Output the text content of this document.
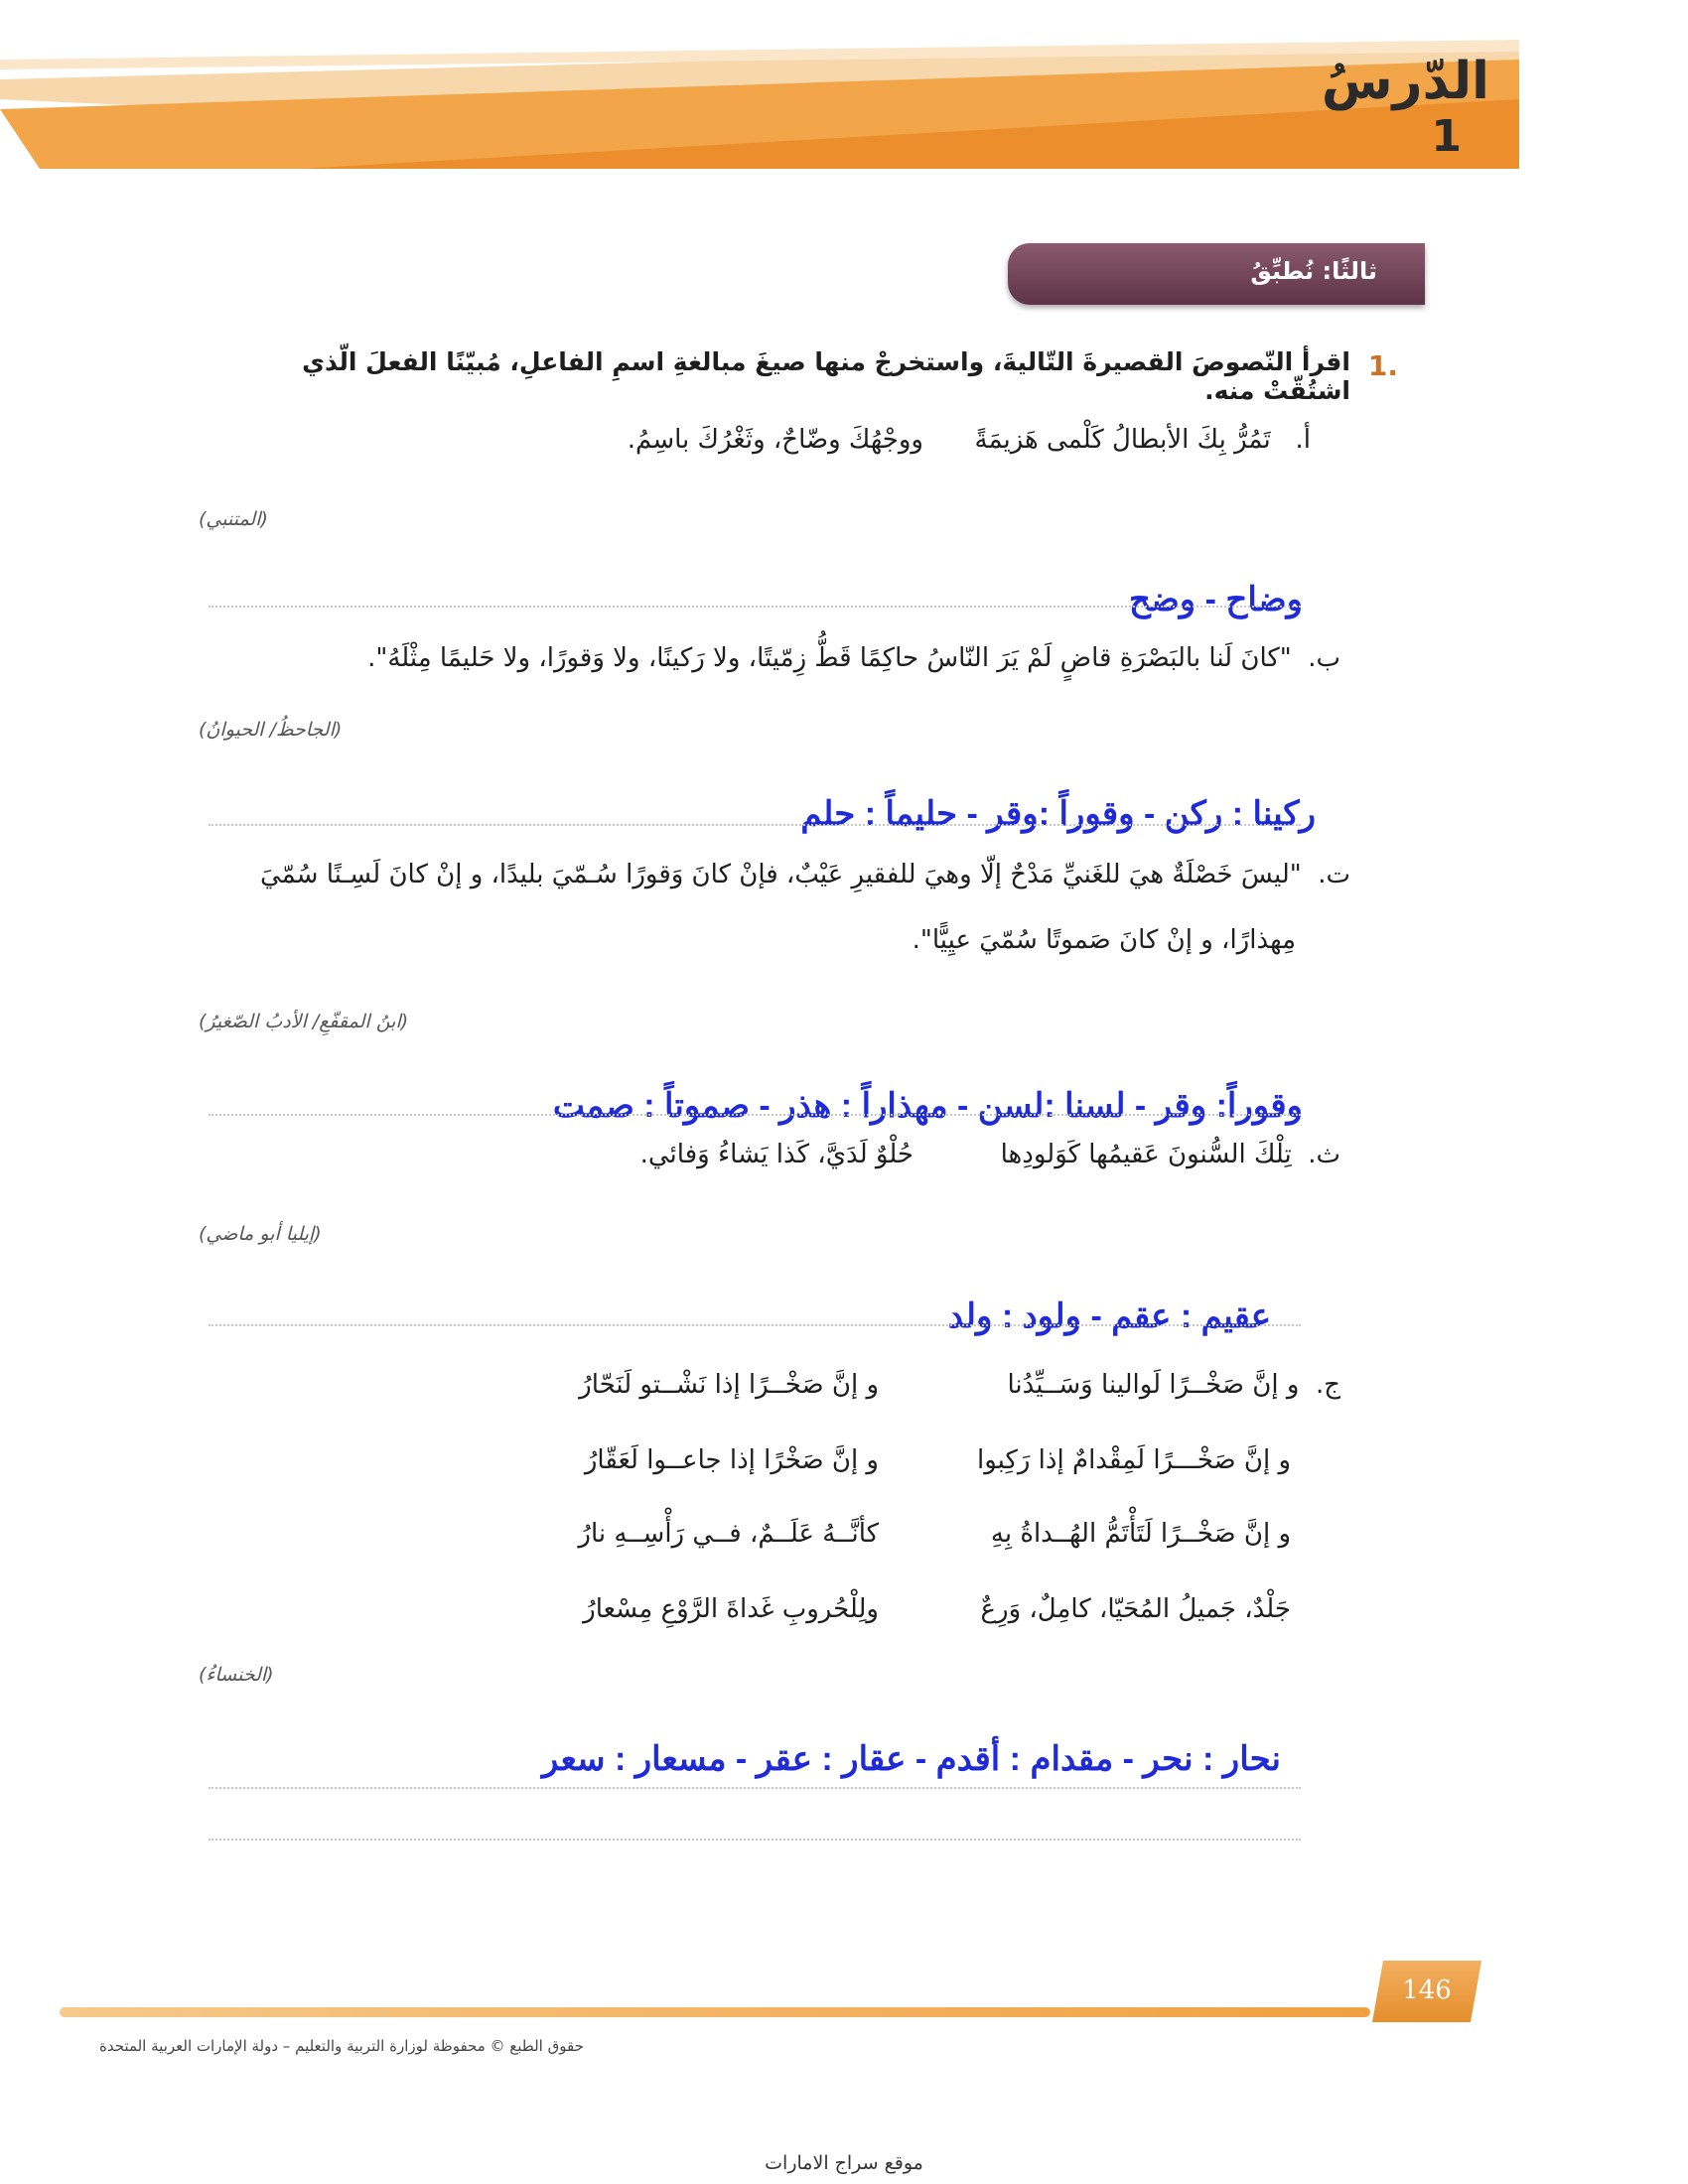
الدّرسُ
1
ثالثًا: نُطبِّقُ
1.
اقرأ النّصوصَ القصيرةَ التّاليةَ، واستخرجْ منها صيغَ مبالغةِ اسمِ الفاعلِ، مُبيّنًا الفعلَ الّذي اشتُقّتْ منه.
أ.   تَمُرُّ بِكَ الأبطالُ كَلْمى هَزيمَةً
ووجْهُكَ وضّاحٌ، وثَغْرُكَ باسِمُ.
(المتنبي)
وضاح - وضح
ب.  "كانَ لَنا بالبَصْرَةِ قاضٍ لَمْ يَرَ النّاسُ حاكِمًا قَطُّ زِمّيتًا، ولا رَكينًا، ولا وَقورًا، ولا حَليمًا مِثْلَهُ".
(الجاحظُ/ الحيوانُ)
ركينا : ركن - وقوراً :وقر - حليماً : حلم
ت.  "ليسَ خَصْلَةٌ هيَ للغَنيِّ مَدْحٌ إلّا وهيَ للفقيرِ عَيْبٌ، فإنْ كانَ وَقورًا سُـمّيَ بليدًا، و إنْ كانَ لَسِـنًا سُمّيَ
مِهذارًا، و إنْ كانَ صَموتًا سُمّيَ عيِيًّا".
(ابنُ المقفّعِ/ الأدبُ الصّغيرُ)
وقوراً: وقر - لسنا :لسن - مهذاراً : هذر - صموتاً : صمت
ث.  تِلْكَ السُّنونَ عَقيمُها كَوَلودِها
حُلْوٌ لَدَيَّ، كَذا يَشاءُ وَفائي.
(إيليا أبو ماضي)
عقيم : عقم - ولود : ولد
ج.  و إنَّ صَخْــرًا لَوالينا وَسَــيِّدُنا
و إنَّ صَخْــرًا إذا نَشْــتو لَنَحّارُ
و إنَّ صَخْـــرًا لَمِقْدامٌ إذا رَكِبوا
و إنَّ صَخْرًا إذا جاعــوا لَعَقّارُ
و إنَّ صَخْــرًا لَتَأْتَمُّ الهُــداةُ بِهِ
كأنَّــهُ عَلَــمٌ، فــي رَأْسِــهِ نارُ
جَلْدٌ، جَميلُ المُحَيّا، كامِلٌ، وَرِعٌ
ولِلْحُروبِ غَداةَ الرَّوْعِ مِسْعارُ
(الخنساءُ)
نحار : نحر - مقدام : أقدم - عقار : عقر - مسعار : سعر
146
حقوق الطبع © محفوظة لوزارة التربية والتعليم – دولة الإمارات العربية المتحدة
موقع سراج الامارات
